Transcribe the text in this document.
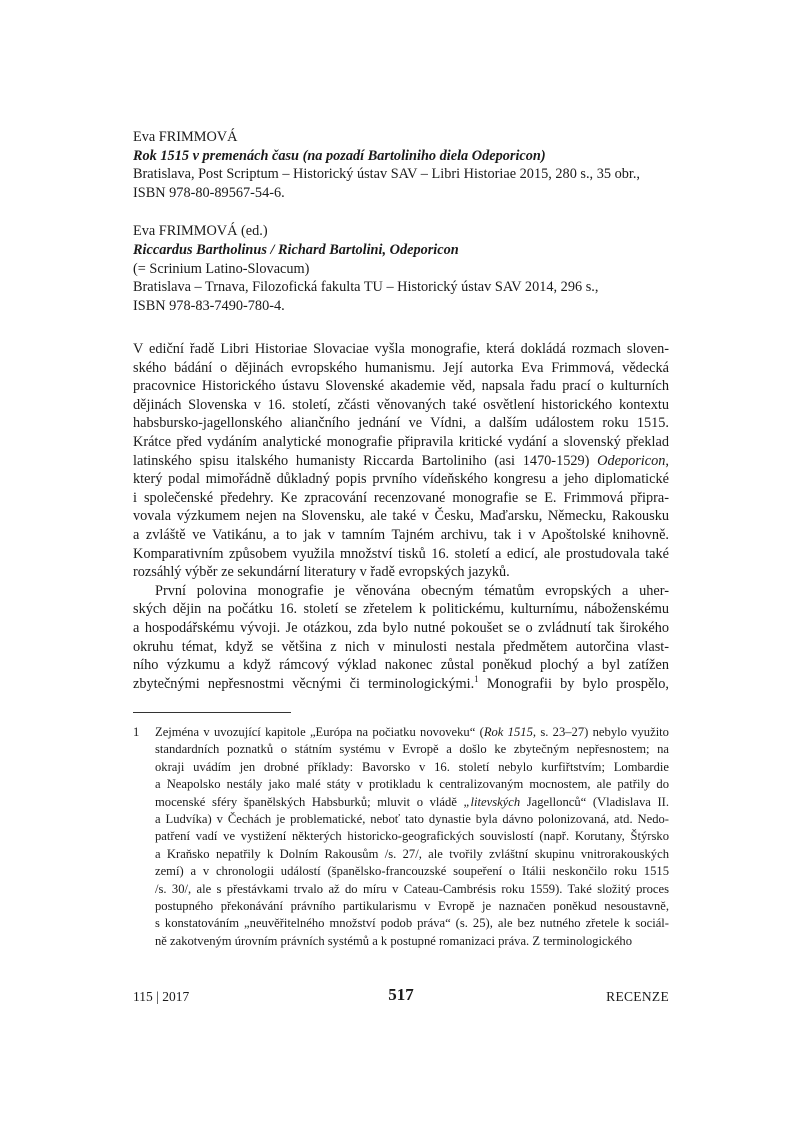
Eva FRIMMOVÁ
Rok 1515 v premenách času (na pozadí Bartoliniho diela Odeporicon)
Bratislava, Post Scriptum – Historický ústav SAV – Libri Historiae 2015, 280 s., 35 obr.,
ISBN 978-80-89567-54-6.

Eva FRIMMOVÁ (ed.)
Riccardus Bartholinus / Richard Bartolini, Odeporicon
(= Scrinium Latino-Slovacum)
Bratislava – Trnava, Filozofická fakulta TU – Historický ústav SAV 2014, 296 s.,
ISBN 978-83-7490-780-4.

V ediční řadě Libri Historiae Slovaciae vyšla monografie, která dokládá rozmach sloven-
ského bádání o dějinách evropského humanismu. Její autorka Eva Frimmová, vědecká
pracovnice Historického ústavu Slovenské akademie věd, napsala řadu prací o kulturních
dějinách Slovenska v 16. století, zčásti věnovaných také osvětlení historického kontextu
habsbursko-jagellonského aliančního jednání ve Vídni, a dalším událostem roku 1515.
Krátce před vydáním analytické monografie připravila kritické vydání a slovenský překlad
latinského spisu italského humanisty Riccarda Bartoliniho (asi 1470-1529) Odeporicon,
který podal mimořádně důkladný popis prvního vídeňského kongresu a jeho diplomatické
i společenské předehry. Ke zpracování recenzované monografie se E. Frimmová připra-
vovala výzkumem nejen na Slovensku, ale také v Česku, Maďarsku, Německu, Rakousku
a zvláště ve Vatikánu, a to jak v tamním Tajném archivu, tak i v Apoštolské knihovně.
Komparativním způsobem využila množství tisků 16. století a edicí, ale prostudovala také
rozsáhlý výběr ze sekundární literatury v řadě evropských jazyků.
První polovina monografie je věnována obecným tématům evropských a uher-
ských dějin na počátku 16. století se zřetelem k politickému, kulturnímu, náboženskému
a hospodářskému vývoji. Je otázkou, zda bylo nutné pokoušet se o zvládnutí tak širokého
okruhu témat, když se většina z nich v minulosti nestala předmětem autorčina vlast-
ního výzkumu a když rámcový výklad nakonec zůstal poněkud plochý a byl zatížen
zbytečnými nepřesnostmi věcnými či terminologickými.$^1$ Monografii by bylo prospělo,
1 Zejména v uvozující kapitole „Európa na počiatku novoveku“ (Rok 1515, s. 23–27) nebylo využito
standardních poznatků o státním systému v Evropě a došlo ke zbytečným nepřesnostem; na
okraji uvádím jen drobné příklady: Bavorsko v 16. století nebylo kurfiřtstvím; Lombardie
a Neapolsko nestály jako malé státy v protikladu k centralizovaným mocnostem, ale patřily do
mocenské sféry španělských Habsburků; mluvit o vládě „litevských Jagellonců“ (Vladislava II.
a Ludvíka) v Čechách je problematické, neboť tato dynastie byla dávno polonizovaná, atd. Nedo-
patření vadí ve vystižení některých historicko-geografických souvislostí (např. Korutany, Štýrsko
a Kraňsko nepatřily k Dolním Rakousům /s. 27/, ale tvořily zvláštní skupinu vnitrorakouských
zemí) a v chronologii událostí (španělsko-francouzské soupeření o Itálii neskončilo roku 1515
/s. 30/, ale s přestávkami trvalo až do míru v Cateau-Cambrésis roku 1559). Také složitý proces
postupného překonávání právního partikularismu v Evropě je naznačen poněkud nesoustavně,
s konstatováním „neuvěřitelného množství podob práva“ (s. 25), ale bez nutného zřetele k sociál-
ně zakotveným úrovním právních systémů a k postupné romanizaci práva. Z terminologického
115 | 2017	517	RECENZE
